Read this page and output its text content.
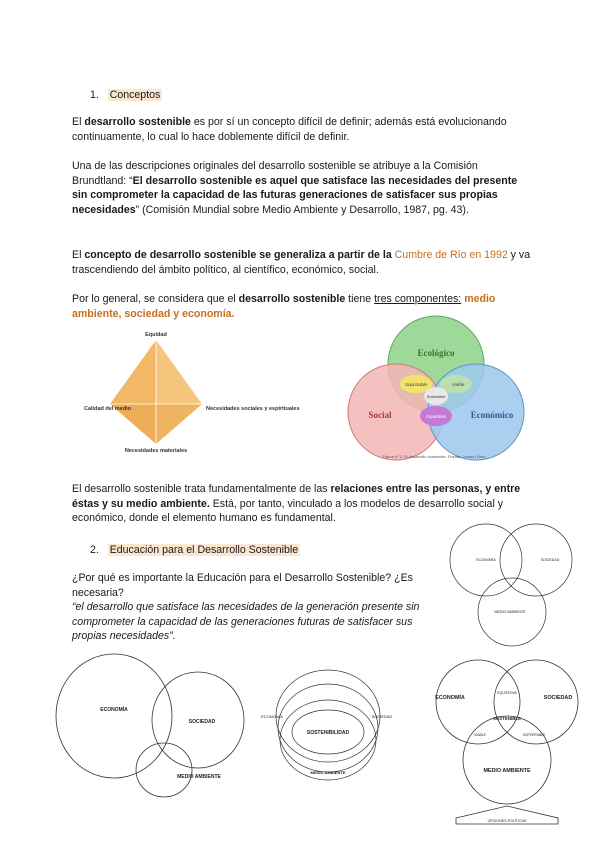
1. Conceptos
El desarrollo sostenible es por sí un concepto difícil de definir; además está evolucionando continuamente, lo cual lo hace doblemente difícil de definir.
Una de las descripciones originales del desarrollo sostenible se atribuye a la Comisión Brundtland: “El desarrollo sostenible es aquel que satisface las necesidades del presente sin comprometer la capacidad de las futuras generaciones de satisfacer sus propias necesidades” (Comisión Mundial sobre Medio Ambiente y Desarrollo, 1987, pg. 43).
El concepto de desarrollo sostenible se generaliza a partir de la Cumbre de Río en 1992 y va trascendiendo del ámbito político, al científico, económico, social.
Por lo general, se considera que el desarrollo sostenible tiene tres componentes: medio ambiente, sociedad y economía.
Equidad
Calidad del medio	Necesidades sociales y espirituales
Necesidades materiales
Ecológico
Social	Económico
Soportable	Viable
Sostenible
Equitativo
Figura nº 2. El desarrollo sostenible. Fuente: Johann Dréo
El desarrollo sostenible trata fundamentalmente de las relaciones entre las personas, y entre éstas y su medio ambiente. Está, por tanto, vinculado a los modelos de desarrollo social y económico, donde el elemento humano es fundamental.
2. Educación para el Desarrollo Sostenible
ECONOMÍA	SOCIEDAD
MEDIO AMBIENTE
¿Por qué es importante la Educación para el Desarrollo Sostenible? ¿Es necesaria?
“el desarrollo que satisface las necesidades de la generación presente sin comprometer la capacidad de las generaciones futuras de satisfacer sus propias necesidades”.
ECONOMÍA
SOCIEDAD
MEDIO AMBIENTE
ECONOMÍA	SOCIEDAD
SOSTENIBILIDAD
MEDIO AMBIENTE
ECONOMÍA	SOCIEDAD
EQUITATIVA
SOSTENIBLE
VIABLE	SOPORTABLE
MEDIO AMBIENTE
OPCIONES POLÍTICAS
